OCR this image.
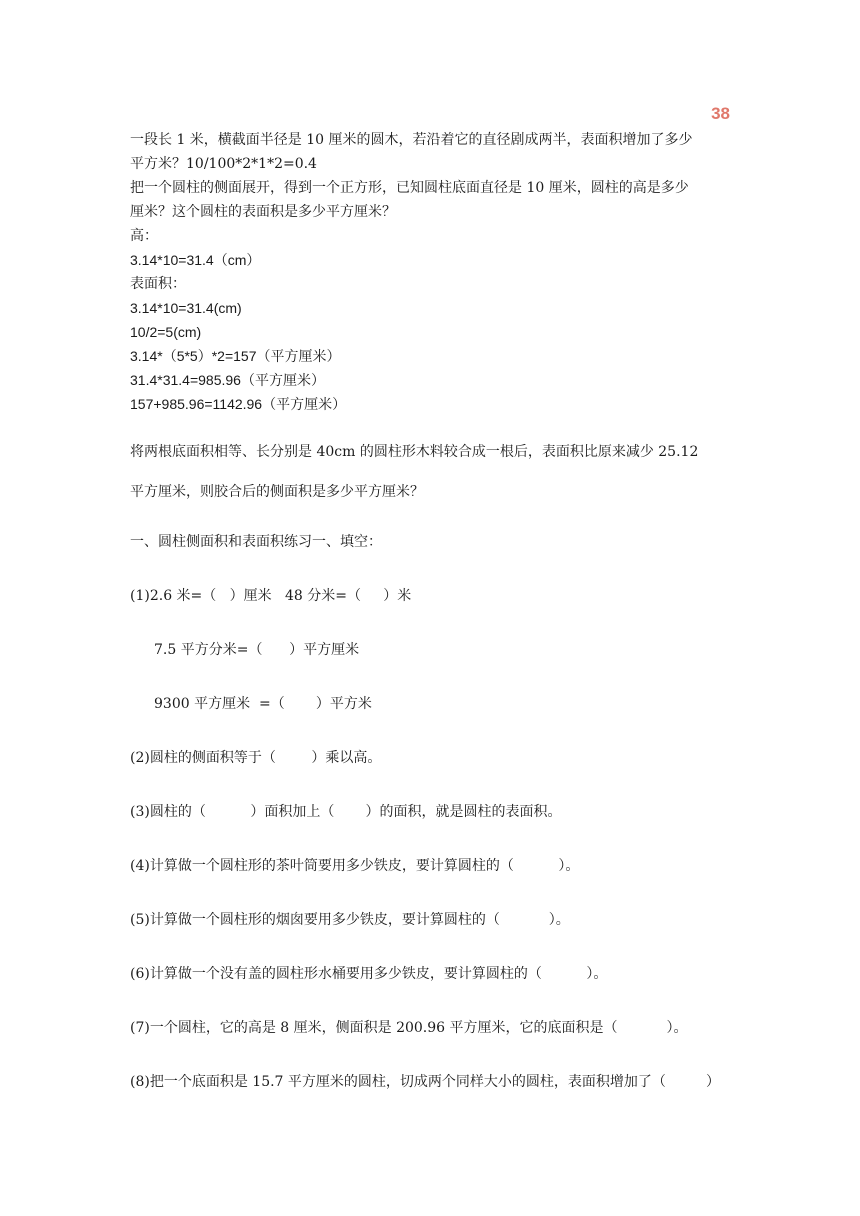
38

一段长 1 米，横截面半径是 10 厘米的圆木，若沿着它的直径剧成两半，表面积增加了多少

平方米？10/100*2*1*2=0.4

把一个圆柱的侧面展开，得到一个正方形，已知圆柱底面直径是 10 厘米，圆柱的高是多少

厘米？这个圆柱的表面积是多少平方厘米？

高：

3.14*10=31.4（cm）

表面积：

3.14*10=31.4(cm)

10/2=5(cm)

3.14*（5*5）*2=157（平方厘米）

31.4*31.4=985.96（平方厘米）

157+985.96=1142.96（平方厘米）

将两根底面积相等、长分别是 40cm 的圆柱形木料较合成一根后，表面积比原来减少 25.12

平方厘米，则胶合后的侧面积是多少平方厘米？

一、圆柱侧面积和表面积练习一、填空：

(1)2.6 米=（   ）厘米   48 分米=（     ）米

7.5 平方分米=（      ）平方厘米

9300 平方厘米  =（       ）平方米

(2)圆柱的侧面积等于（        ）乘以高。

(3)圆柱的（          ）面积加上（       ）的面积，就是圆柱的表面积。

(4)计算做一个圆柱形的茶叶筒要用多少铁皮，要计算圆柱的（          ）。

(5)计算做一个圆柱形的烟囱要用多少铁皮，要计算圆柱的（           ）。

(6)计算做一个没有盖的圆柱形水桶要用多少铁皮，要计算圆柱的（          ）。

(7)一个圆柱，它的高是 8 厘米，侧面积是 200.96 平方厘米，它的底面积是（           ）。

(8)把一个底面积是 15.7 平方厘米的圆柱，切成两个同样大小的圆柱，表面积增加了（         ）
